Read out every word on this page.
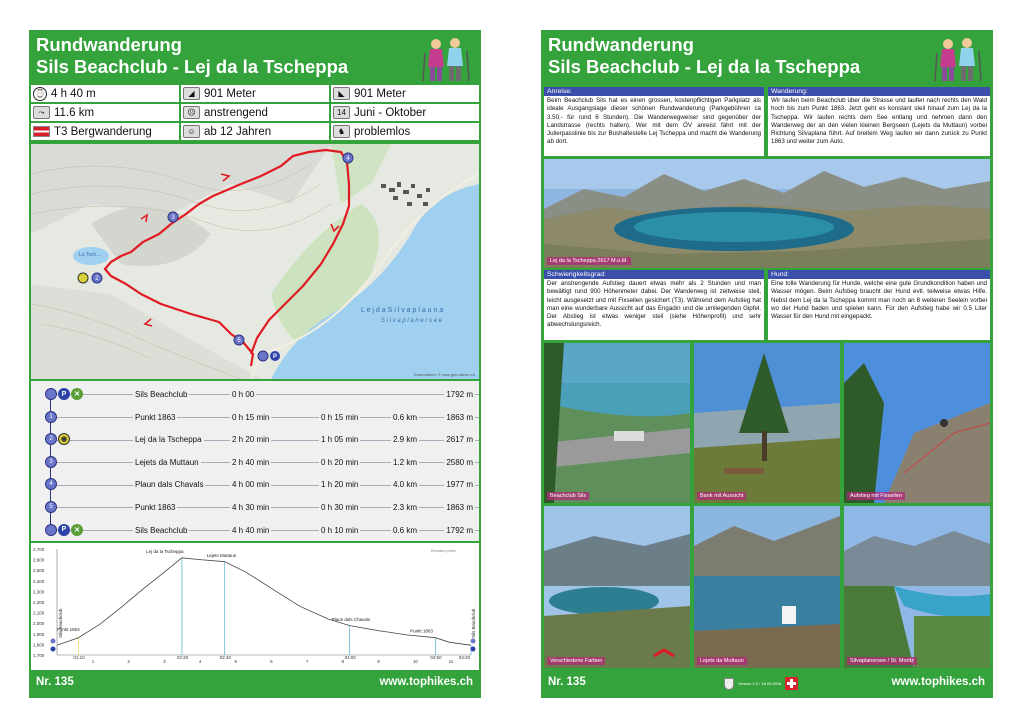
Rundwanderung
Sils Beachclub - Lej da la Tscheppa
⌚ 4 h 40 m	◢ 901 Meter	◣ 901 Meter
⤳ 11.6 km	☹ anstrengend	14 Juni - Oktober
T3 Bergwanderung	☺ ab 12 Jahren	♞ problemlos
3
4
5
2
P
L e j d a S i l v a p l a u n a
S i l v a p l a n e r s e e
La Tsch...
Kartendaten: © map.geo.admin.ch
P	✕	Sils Beachclub	0 h 00	1792 m
1	Punkt 1863	0 h 15 min	0 h 15 min	0.6 km	1863 m
2	◉	Lej da la Tscheppa	2 h 20 min	1 h 05 min	2.9 km	2617 m
3	Lejets da Muttaun	2 h 40 min	0 h 20 min	1.2 km	2580 m
4	Plaun dals Chavals	4 h 00 min	1 h 20 min	4.0 km	1977 m
5	Punkt 1863	4 h 30 min	0 h 30 min	2.3 km	1863 m
P	✕	Sils Beachclub	4 h 40 min	0 h 10 min	0.6 km	1792 m
2,700
2,600
2,500
2,400
2,300
2,200
2,100
2,000
1,900
1,800
1,700
1	2	3	4	5	6	7	8	9	10	11
01:10	02:20	02:40	04:00	04:50	04:40
Lej da la Tscheppa
Lejets Muttaun
Punkt 1863
Plaun dals Chavals
Punkt 1863
Sils Beachclub	Sils Beachclub
Elevation profile
Nr. 135	www.tophikes.ch
Rundwanderung
Sils Beachclub - Lej da la Tscheppa
Anreise:
Beim Beachclub Sils hat es einen grossen, kostenpflichtigen Parkplatz als ideale Ausgangslage dieser schönen Rundwanderung (Parkgebühren ca 3.50.- für rund 6 Stunden). Die Wanderwegweiser sind gegenüber der Landstrasse (rechts halten). Wer mit dem ÖV anreist fährt mit der Julierpasslinie bis zur Bushaltestelle Lej Tscheppa und macht die Wanderung ab dort.
Wanderung:
Wir laufen beim Beachclub über die Strasse und laufen nach rechts den Wald hoch bis zum Punkt 1863. Jetzt geht es konstant steil hinauf zum Lej da la Tscheppa. Wir laufen rechts dem See entlang und nehmen dann den Wanderweg der an den vielen kleinen Bergseen (Lejets da Muttaun) vorbei Richtung Silvaplana führt. Auf breitem Weg laufen wir dann zurück zu Punkt 1863 und weiter zum Auto.
Lej da la Tscheppa 2617 M.ü.M.
Schwierigkeitsgrad:
Der anstrengende Aufstieg dauert etwas mehr als 2 Stunden und man bewältigt rund 900 Höhenmeter dabei. Der Wanderweg ist zeitweise steil, leicht ausgesetzt und mit Fixseilen gesichert (T3). Während dem Aufstieg hat man eine wunderbare Aussicht auf das Engadin und die umliegenden Gipfel. Der Abstieg ist etwas weniger steil (siehe Höhenprofil) und sehr abwechslungsreich.
Hund:
Eine tolle Wanderung für Hunde, welche eine gute Grundkondition haben und Wasser mögen. Beim Aufstieg braucht der Hund evtl. teilweise etwas Hilfe. Nebst dem Lej da la Tscheppa kommt man noch an 8 weiteren Seelein vorbei wo der Hund baden und spielen kann. Für den Aufstieg habe wir 0.5 Liter Wasser für den Hund mit eingepackt.
Beachclub Sils	Bank mit Aussicht	Aufstieg mit Fixseilen
Verschiedene Farben	Lejets da Muttaun	Silvaplanersee / St. Moritz
Nr. 135	Version 1.0 / 18.09.2018	www.tophikes.ch
